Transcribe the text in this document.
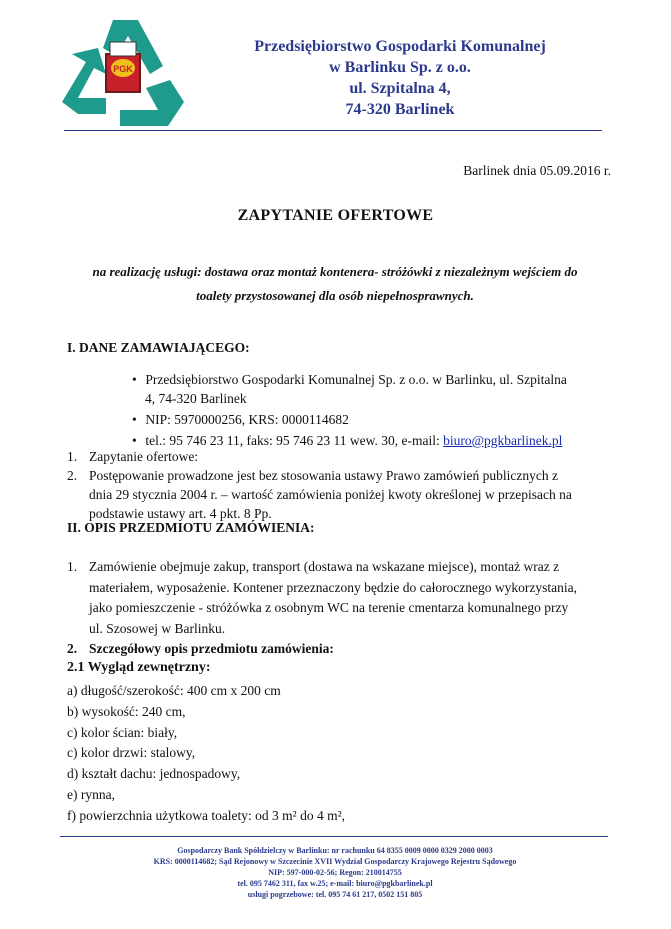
PGK
Przedsiębiorstwo Gospodarki Komunalnej
w Barlinku Sp. z o.o.
ul. Szpitalna 4,
74-320 Barlinek
Barlinek dnia 05.09.2016 r.
ZAPYTANIE OFERTOWE
na realizację usługi: dostawa oraz montaż kontenera- stróżówki z niezależnym wejściem do
toalety przystosowanej dla osób niepełnosprawnych.
I. DANE ZAMAWIAJĄCEGO:
• Przedsiębiorstwo Gospodarki Komunalnej Sp. z o.o. w Barlinku, ul. Szpitalna
4, 74-320 Barlinek
• NIP: 5970000256, KRS: 0000114682
• tel.: 95 746 23 11, faks: 95 746 23 11 wew. 30, e-mail: biuro@pgkbarlinek.pl
1. Zapytanie ofertowe:
2. Postępowanie prowadzone jest bez stosowania ustawy Prawo zamówień publicznych z
dnia 29 stycznia 2004 r. – wartość zamówienia poniżej kwoty określonej w przepisach na
podstawie ustawy art. 4 pkt. 8 Pp.
II. OPIS PRZEDMIOTU ZAMÓWIENIA:
1. Zamówienie obejmuje zakup, transport (dostawa na wskazane miejsce), montaż wraz z
materiałem, wyposażenie. Kontener przeznaczony będzie do całorocznego wykorzystania,
jako pomieszczenie - stróżówka z osobnym WC na terenie cmentarza komunalnego przy
ul. Szosowej w Barlinku.
2. Szczegółowy opis przedmiotu zamówienia:
2.1 Wygląd zewnętrzny:
a) długość/szerokość: 400 cm x 200 cm
b) wysokość: 240 cm,
c) kolor ścian: biały,
c) kolor drzwi: stalowy,
d) kształt dachu: jednospadowy,
e) rynna,
f) powierzchnia użytkowa toalety: od 3 m² do 4 m²,
Gospodarczy Bank Spółdzielczy w Barlinku: nr rachunku 64 8355 0009 0000 0329 2000 0003
KRS: 0000114682; Sąd Rejonowy w Szczecinie XVII Wydział Gospodarczy Krajowego Rejestru Sądowego
NIP: 597-000-02-56; Regon: 210014755
tel. 095 7462 311, fax w.25; e-mail: biuro@pgkbarlinek.pl
usługi pogrzebowe: tel. 095 74 61 217, 0502 151 805
